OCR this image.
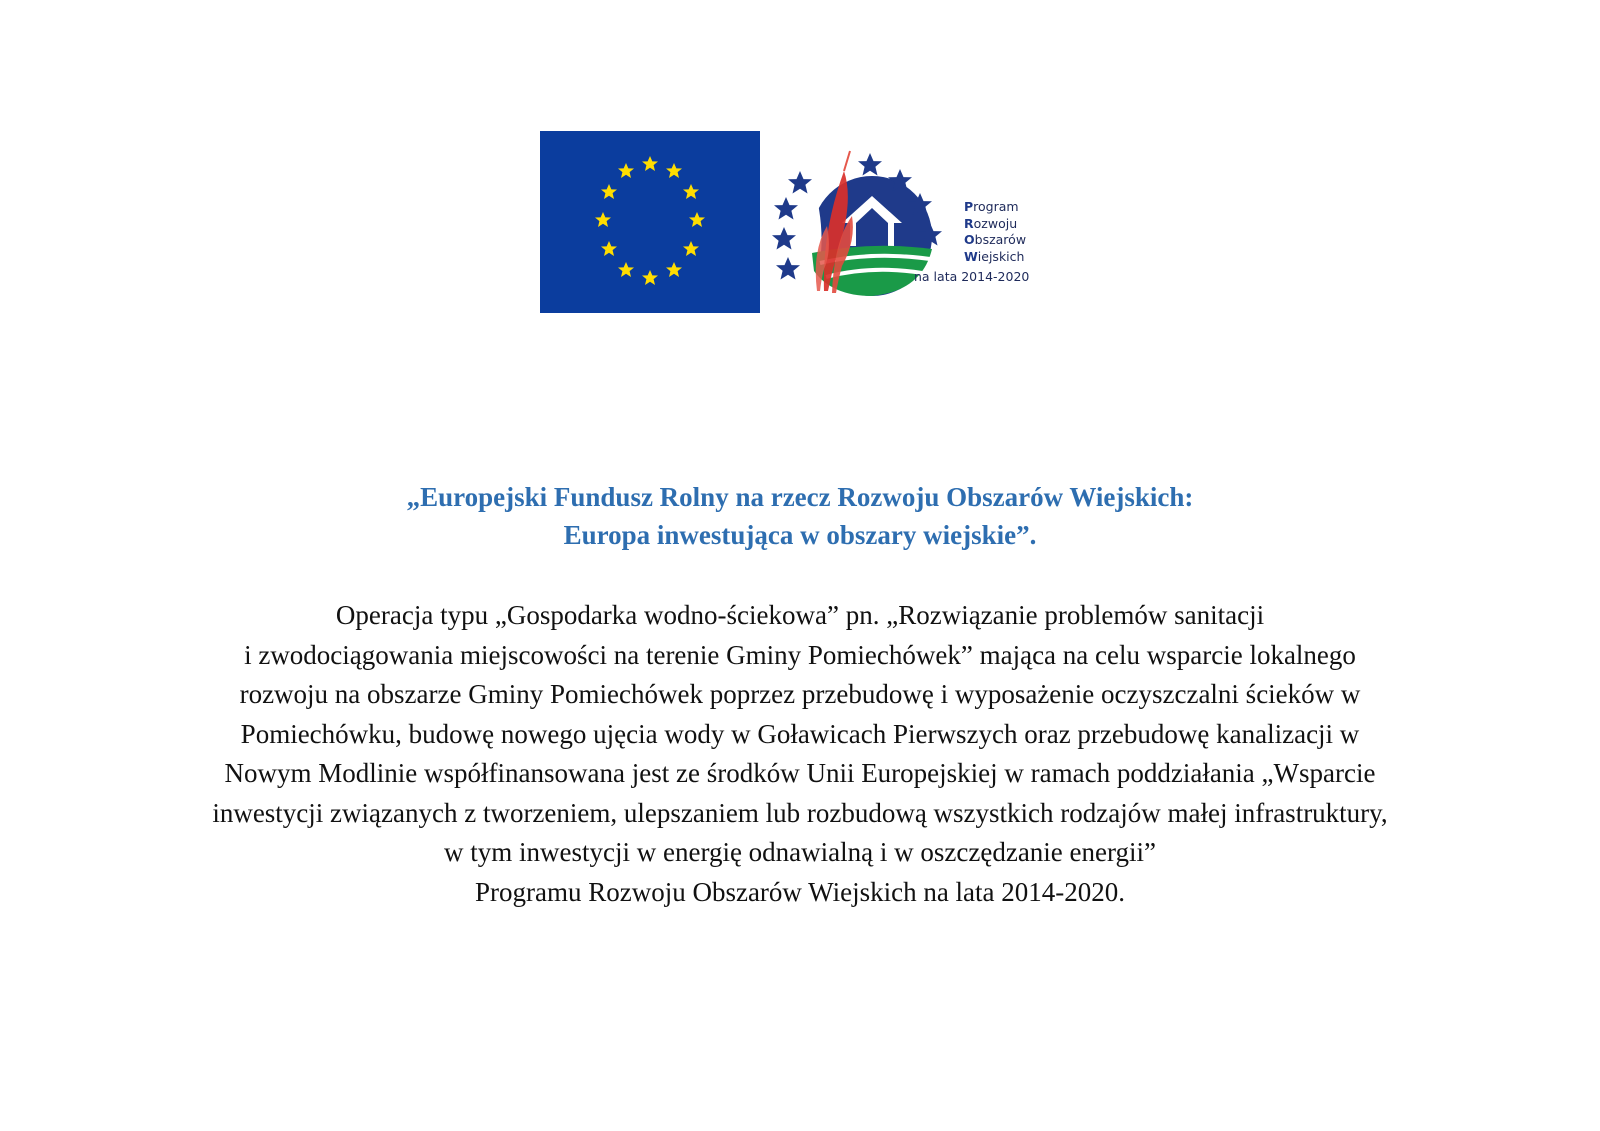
Program
Rozwoju
Obszarów
Wiejskich
na lata 2014-2020
„Europejski Fundusz Rolny na rzecz Rozwoju Obszarów Wiejskich:
Europa inwestująca w obszary wiejskie”.
Operacja typu „Gospodarka wodno-ściekowa” pn. „Rozwiązanie problemów sanitacji
i zwodociągowania miejscowości na terenie Gminy Pomiechówek” mająca na celu wsparcie lokalnego
rozwoju na obszarze Gminy Pomiechówek poprzez przebudowę i wyposażenie oczyszczalni ścieków w
Pomiechówku, budowę nowego ujęcia wody w Goławicach Pierwszych oraz przebudowę kanalizacji w
Nowym Modlinie współfinansowana jest ze środków Unii Europejskiej w ramach poddziałania „Wsparcie
inwestycji związanych z tworzeniem, ulepszaniem lub rozbudową wszystkich rodzajów małej infrastruktury,
w tym inwestycji w energię odnawialną i w oszczędzanie energii”
Programu Rozwoju Obszarów Wiejskich na lata 2014-2020.
